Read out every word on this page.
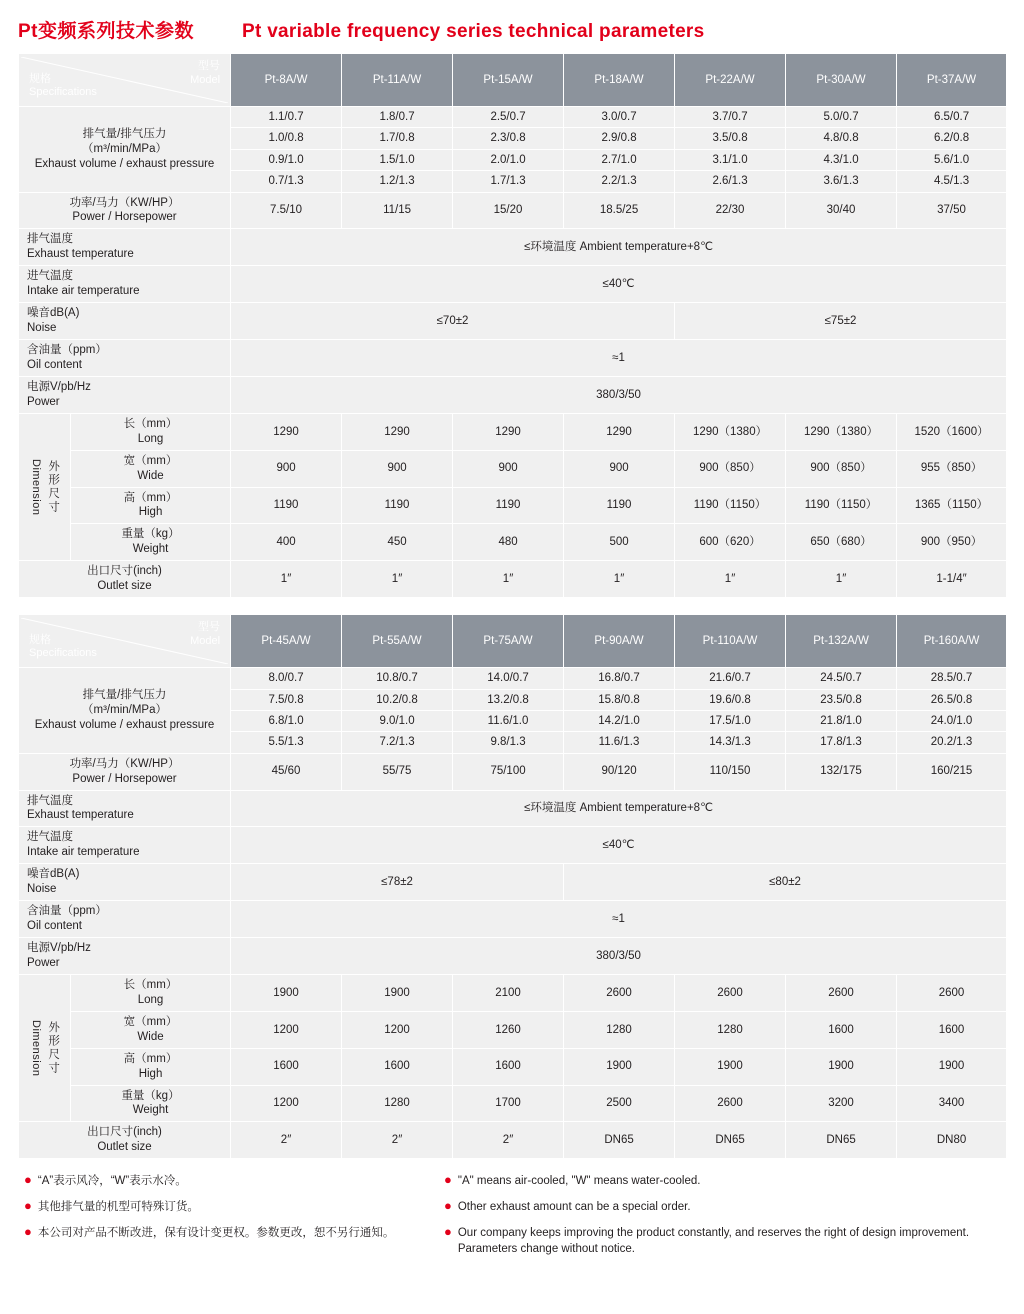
Pt变频系列技术参数	Pt variable frequency series technical parameters
型号
Model
规格
Specifications		Pt-8A/W	Pt-11A/W	Pt-15A/W	Pt-18A/W	Pt-22A/W	Pt-30A/W	Pt-37A/W

排气量/排气压力
（m³/min/MPa）
Exhaust volume / exhaust pressure		1.1/0.7	1.8/0.7	2.5/0.7	3.0/0.7	3.7/0.7	5.0/0.7	6.5/0.7
		1.0/0.8	1.7/0.8	2.3/0.8	2.9/0.8	3.5/0.8	4.8/0.8	6.2/0.8
		0.9/1.0	1.5/1.0	2.0/1.0	2.7/1.0	3.1/1.0	4.3/1.0	5.6/1.0
		0.7/1.3	1.2/1.3	1.7/1.3	2.2/1.3	2.6/1.3	3.6/1.3	4.5/1.3

功率/马力（KW/HP）
Power / Horsepower		7.5/10	11/15	15/20	18.5/25	22/30	30/40	37/50

排气温度
Exhaust temperature		≤环境温度 Ambient temperature+8℃						

进气温度
Intake air temperature		≤40℃						

噪音dB(A)
Noise		≤70±2				≤75±2		

含油量（ppm）
Oil content		≈1						

电源V/pb/Hz
Power		380/3/50						

Dimension 外形尺寸	长（mm）
Long	1290	1290	1290	1290	1290（1380）	1290（1380）	1520（1600）

	宽（mm）
Wide	900	900	900	900	900（850）	900（850）	955（850）

	高（mm）
High	1190	1190	1190	1190	1190（1150）	1190（1150）	1365（1150）

	重量（kg）
Weight	400	450	480	500	600（620）	650（680）	900（950）

出口尺寸(inch)
Outlet size		1″	1″	1″	1″	1″	1″	1-1/4″
型号
Model
规格
Specifications		Pt-45A/W	Pt-55A/W	Pt-75A/W	Pt-90A/W	Pt-110A/W	Pt-132A/W	Pt-160A/W

排气量/排气压力
（m³/min/MPa）
Exhaust volume / exhaust pressure		8.0/0.7	10.8/0.7	14.0/0.7	16.8/0.7	21.6/0.7	24.5/0.7	28.5/0.7
		7.5/0.8	10.2/0.8	13.2/0.8	15.8/0.8	19.6/0.8	23.5/0.8	26.5/0.8
		6.8/1.0	9.0/1.0	11.6/1.0	14.2/1.0	17.5/1.0	21.8/1.0	24.0/1.0
		5.5/1.3	7.2/1.3	9.8/1.3	11.6/1.3	14.3/1.3	17.8/1.3	20.2/1.3

功率/马力（KW/HP）
Power / Horsepower		45/60	55/75	75/100	90/120	110/150	132/175	160/215

排气温度
Exhaust temperature		≤环境温度 Ambient temperature+8℃						

进气温度
Intake air temperature		≤40℃						

噪音dB(A)
Noise		≤78±2			≤80±2			

含油量（ppm）
Oil content		≈1						

电源V/pb/Hz
Power		380/3/50						

Dimension 外形尺寸	长（mm）
Long	1900	1900	2100	2600	2600	2600	2600

	宽（mm）
Wide	1200	1200	1260	1280	1280	1600	1600

	高（mm）
High	1600	1600	1600	1900	1900	1900	1900

	重量（kg）
Weight	1200	1280	1700	2500	2600	3200	3400

出口尺寸(inch)
Outlet size		2″	2″	2″	DN65	DN65	DN65	DN80
● “A”表示风冷，“W”表示水冷。
● 其他排气量的机型可特殊订货。
● 本公司对产品不断改进，保有设计变更权。参数更改，恕不另行通知。
● "A" means air-cooled, "W" means water-cooled.
● Other exhaust amount can be a special order.
● Our company keeps improving the product constantly, and reserves the right of design improvement. Parameters change without notice.
